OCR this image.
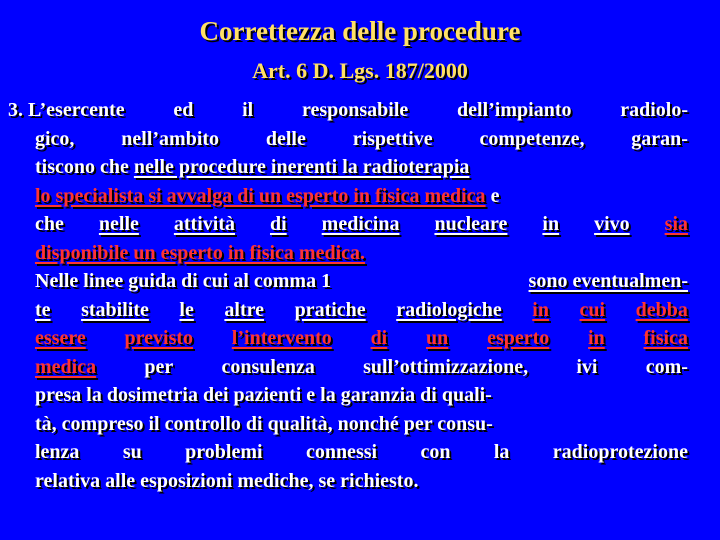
Correttezza delle procedure
Art. 6 D. Lgs. 187/2000
3. L’esercente ed il responsabile dell’impianto radiolo-
gico, nell’ambito delle rispettive competenze, garan-
tiscono che
nelle procedure inerenti la radioterapia
lo specialista si avvalga di un esperto in fisica medica
e
che nelle attività di medicina nucleare in vivo sia
disponibile un esperto in fisica medica.
Nelle linee guida di cui al comma 1	sono eventualmen-
te stabilite le altre pratiche radiologiche in cui debba
essere previsto l’intervento di un esperto in fisica
medica per consulenza sull’ottimizzazione, ivi com-
presa la dosimetria dei pazienti e la garanzia di quali-
tà, compreso il controllo di qualità, nonché per consu-
lenza su problemi connessi con la radioprotezione
relativa alle esposizioni mediche, se richiesto.
